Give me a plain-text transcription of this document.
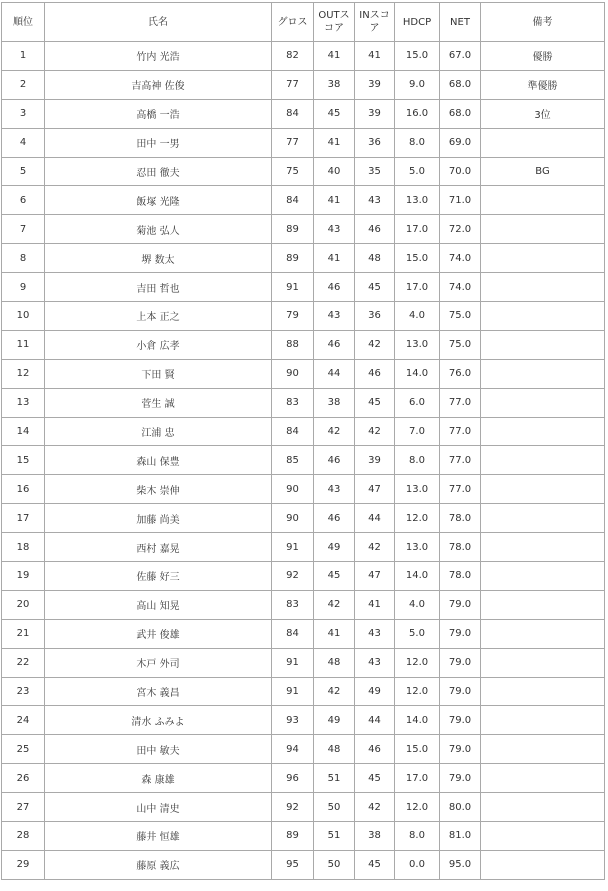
順位	氏名	グロス	OUTスコア	INスコア	HDCP	NET	備考
1	竹内 光浩	82	41	41	15.0	67.0	優勝
2	吉高神 佐俊	77	38	39	9.0	68.0	準優勝
3	高橋 一浩	84	45	39	16.0	68.0	3位
4	田中 一男	77	41	36	8.0	69.0	
5	忍田 徹夫	75	40	35	5.0	70.0	BG
6	飯塚 光隆	84	41	43	13.0	71.0	
7	菊池 弘人	89	43	46	17.0	72.0	
8	堺 数太	89	41	48	15.0	74.0	
9	吉田 哲也	91	46	45	17.0	74.0	
10	上本 正之	79	43	36	4.0	75.0	
11	小倉 広孝	88	46	42	13.0	75.0	
12	下田 賢	90	44	46	14.0	76.0	
13	菅生 誠	83	38	45	6.0	77.0	
14	江浦 忠	84	42	42	7.0	77.0	
15	森山 保豊	85	46	39	8.0	77.0	
16	柴木 崇伸	90	43	47	13.0	77.0	
17	加藤 尚美	90	46	44	12.0	78.0	
18	西村 嘉晃	91	49	42	13.0	78.0	
19	佐藤 好三	92	45	47	14.0	78.0	
20	高山 知晃	83	42	41	4.0	79.0	
21	武井 俊雄	84	41	43	5.0	79.0	
22	木戸 外司	91	48	43	12.0	79.0	
23	宮木 義昌	91	42	49	12.0	79.0	
24	清水 ふみよ	93	49	44	14.0	79.0	
25	田中 敏夫	94	48	46	15.0	79.0	
26	森 康雄	96	51	45	17.0	79.0	
27	山中 清史	92	50	42	12.0	80.0	
28	藤井 恒雄	89	51	38	8.0	81.0	
29	藤原 義広	95	50	45	0.0	95.0	
